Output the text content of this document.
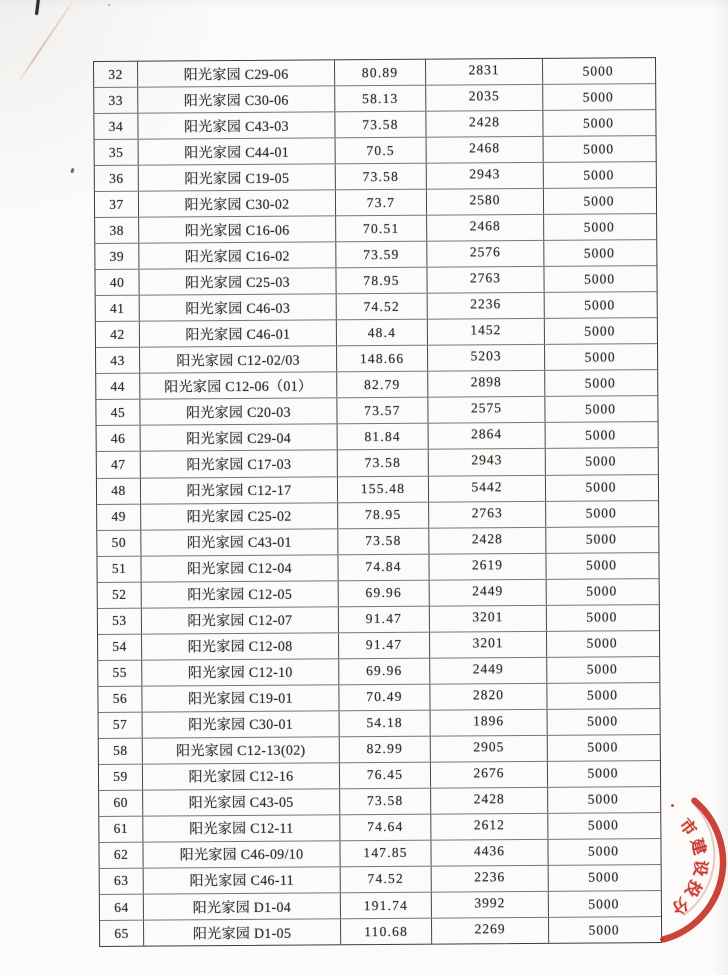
32	阳光家园 C29-06	80.89	2831	5000
33	阳光家园 C30-06	58.13	2035	5000
34	阳光家园 C43-03	73.58	2428	5000
35	阳光家园 C44-01	70.5	2468	5000
36	阳光家园 C19-05	73.58	2943	5000
37	阳光家园 C30-02	73.7	2580	5000
38	阳光家园 C16-06	70.51	2468	5000
39	阳光家园 C16-02	73.59	2576	5000
40	阳光家园 C25-03	78.95	2763	5000
41	阳光家园 C46-03	74.52	2236	5000
42	阳光家园 C46-01	48.4	1452	5000
43	阳光家园 C12-02/03	148.66	5203	5000
44	阳光家园 C12-06（01）	82.79	2898	5000
45	阳光家园 C20-03	73.57	2575	5000
46	阳光家园 C29-04	81.84	2864	5000
47	阳光家园 C17-03	73.58	2943	5000
48	阳光家园 C12-17	155.48	5442	5000
49	阳光家园 C25-02	78.95	2763	5000
50	阳光家园 C43-01	73.58	2428	5000
51	阳光家园 C12-04	74.84	2619	5000
52	阳光家园 C12-05	69.96	2449	5000
53	阳光家园 C12-07	91.47	3201	5000
54	阳光家园 C12-08	91.47	3201	5000
55	阳光家园 C12-10	69.96	2449	5000
56	阳光家园 C19-01	70.49	2820	5000
57	阳光家园 C30-01	54.18	1896	5000
58	阳光家园 C12-13(02)	82.99	2905	5000
59	阳光家园 C12-16	76.45	2676	5000
60	阳光家园 C43-05	73.58	2428	5000
61	阳光家园 C12-11	74.64	2612	5000
62	阳光家园 C46-09/10	147.85	4436	5000
63	阳光家园 C46-11	74.52	2236	5000
64	阳光家园 D1-04	191.74	3992	5000
65	阳光家园 D1-05	110.68	2269	5000
市
建
设
投
分
